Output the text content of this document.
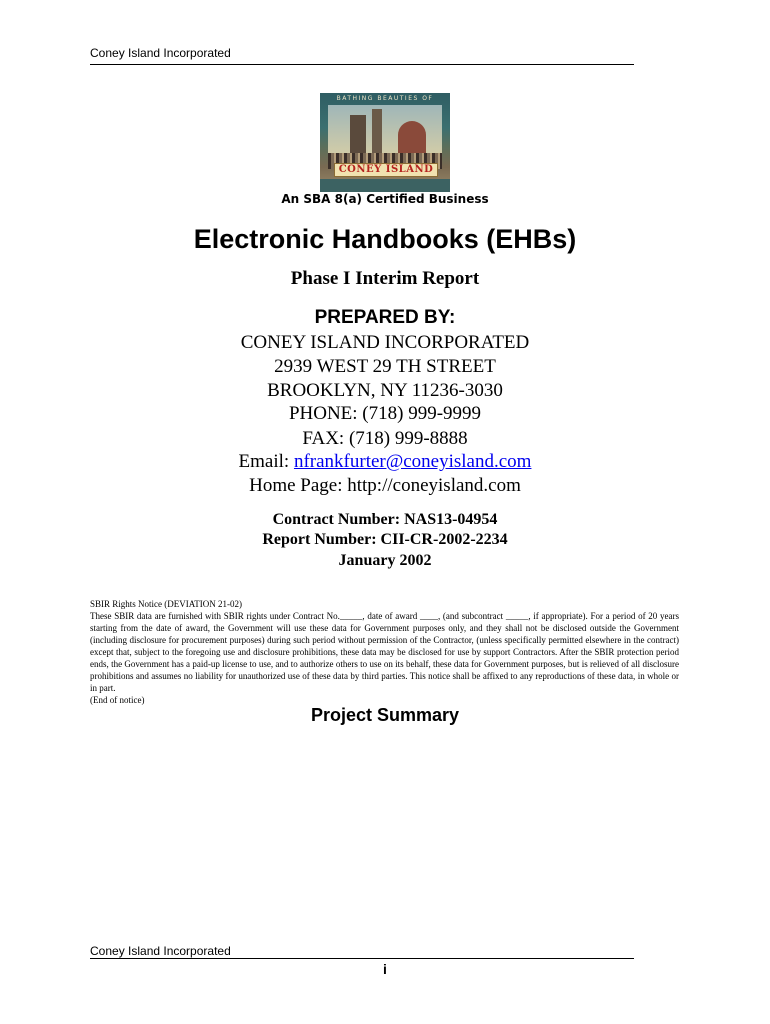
Coney Island Incorporated
BATHING BEAUTIES OF
CONEY ISLAND
An SBA 8(a) Certified Business
Electronic Handbooks (EHBs)
Phase I Interim Report
PREPARED BY:
CONEY ISLAND INCORPORATED
2939 WEST 29 TH STREET
BROOKLYN, NY 11236-3030
PHONE: (718) 999-9999
FAX: (718) 999-8888
Email: nfrankfurter@coneyisland.com
Home Page: http://coneyisland.com
Contract Number: NAS13-04954
Report Number: CII-CR-2002-2234
January 2002

SBIR Rights Notice (DEVIATION 21-02)

These SBIR data are furnished with SBIR rights under Contract No._____, date of award ____, (and subcontract _____, if appropriate). For a period of 20 years starting from the date of award, the Government will use these data for Government purposes only, and they shall not be disclosed outside the Government (including disclosure for procurement purposes) during such period without permission of the Contractor, (unless specifically permitted elsewhere in the contract) except that, subject to the foregoing use and disclosure prohibitions, these data may be disclosed for use by support Contractors. After the SBIR protection period ends, the Government has a paid-up license to use, and to authorize others to use on its behalf, these data for Government purposes, but is relieved of all disclosure prohibitions and assumes no liability for unauthorized use of these data by third parties. This notice shall be affixed to any reproductions of these data, in whole or in part.

(End of notice)

Project Summary
Coney Island Incorporated
i
